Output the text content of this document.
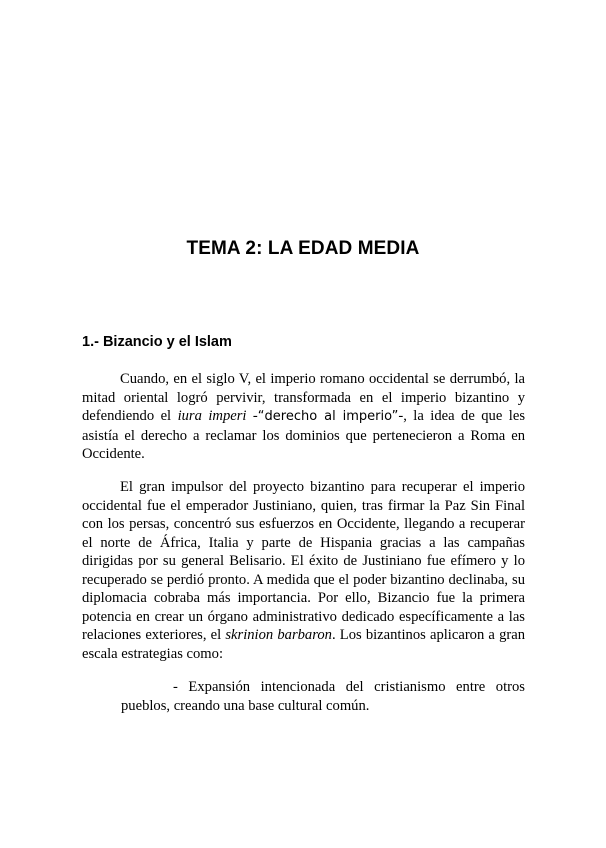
TEMA 2: LA EDAD MEDIA
1.- Bizancio y el Islam

Cuando, en el siglo V, el imperio romano occidental se derrumbó, la mitad oriental logró pervivir, transformada en el imperio bizantino y defendiendo el iura imperi -“derecho al imperio”-, la idea de que les asistía el derecho a reclamar los dominios que pertenecieron a Roma en Occidente.

El gran impulsor del proyecto bizantino para recuperar el imperio occidental fue el emperador Justiniano, quien, tras firmar la Paz Sin Final con los persas, concentró sus esfuerzos en Occidente, llegando a recuperar el norte de África, Italia y parte de Hispania gracias a las campañas dirigidas por su general Belisario. El éxito de Justiniano fue efímero y lo recuperado se perdió pronto. A medida que el poder bizantino declinaba, su diplomacia cobraba más importancia. Por ello, Bizancio fue la primera potencia en crear un órgano administrativo dedicado específicamente a las relaciones exteriores, el skrinion barbaron. Los bizantinos aplicaron a gran escala estrategias como:

- Expansión intencionada del cristianismo entre otros pueblos, creando una base cultural común.
